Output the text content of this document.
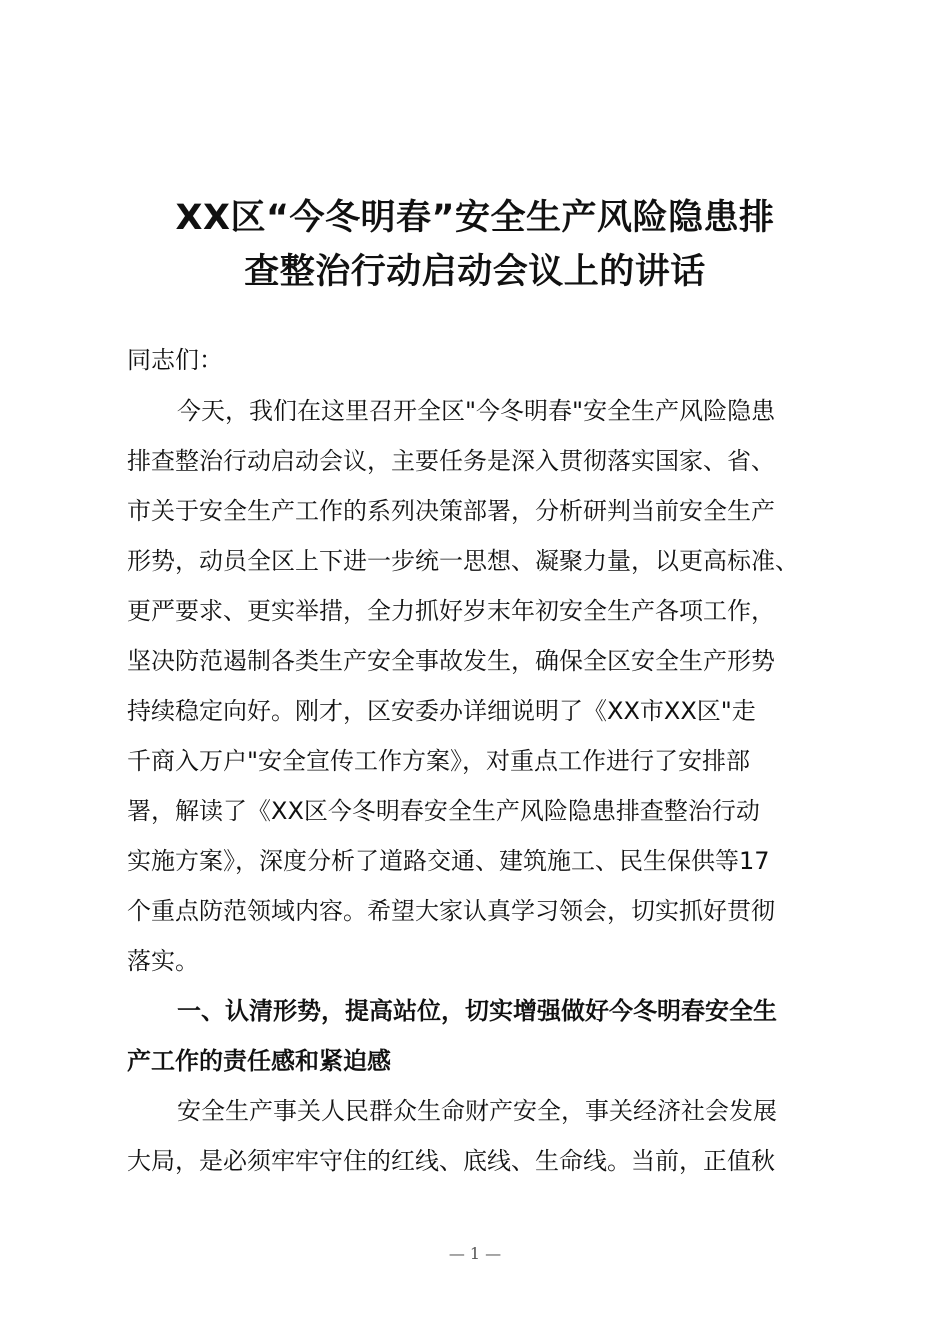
XX区“今冬明春”安全生产风险隐患排
查整治行动启动会议上的讲话
同志们：
今天，我们在这里召开全区"今冬明春"安全生产风险隐患
排查整治行动启动会议，主要任务是深入贯彻落实国家、省、
市关于安全生产工作的系列决策部署，分析研判当前安全生产
形势，动员全区上下进一步统一思想、凝聚力量，以更高标准、
更严要求、更实举措，全力抓好岁末年初安全生产各项工作，
坚决防范遏制各类生产安全事故发生，确保全区安全生产形势
持续稳定向好。刚才，区安委办详细说明了《XX市XX区"走
千商入万户"安全宣传工作方案》，对重点工作进行了安排部
署，解读了《XX区今冬明春安全生产风险隐患排查整治行动
实施方案》，深度分析了道路交通、建筑施工、民生保供等17
个重点防范领域内容。希望大家认真学习领会，切实抓好贯彻
落实。
一、认清形势，提高站位，切实增强做好今冬明春安全生
产工作的责任感和紧迫感
安全生产事关人民群众生命财产安全，事关经济社会发展
大局，是必须牢牢守住的红线、底线、生命线。当前，正值秋
— 1 —
